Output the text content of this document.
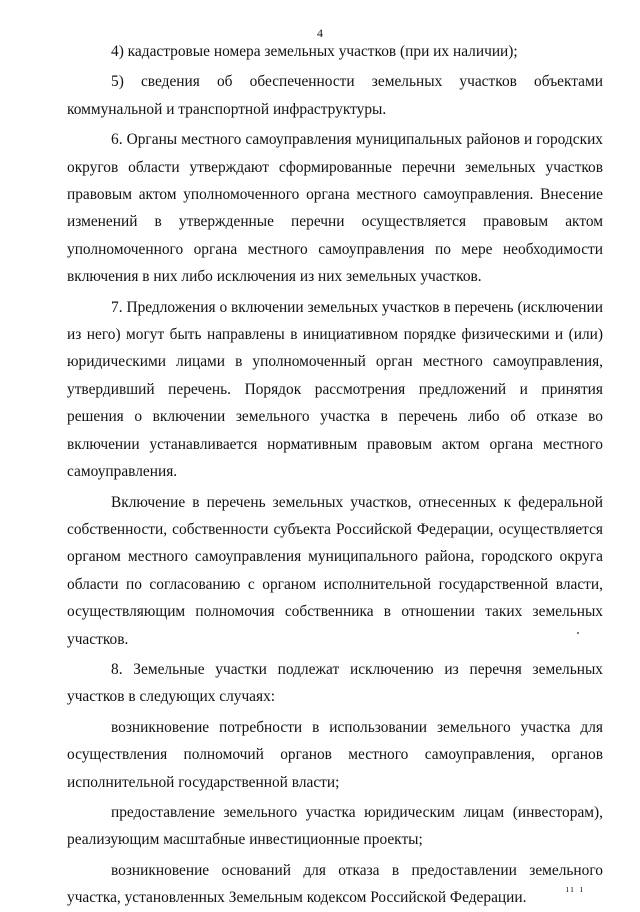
4

4) кадастровые номера земельных участков (при их наличии);

5) сведения об обеспеченности земельных участков объектами коммунальной и транспортной инфраструктуры.

6. Органы местного самоуправления муниципальных районов и городских округов области утверждают сформированные перечни земельных участков правовым актом уполномоченного органа местного самоуправления. Внесение изменений в утвержденные перечни осуществляется правовым актом уполномоченного органа местного самоуправления по мере необходимости включения в них либо исключения из них земельных участков.

7. Предложения о включении земельных участков в перечень (исключении из него) могут быть направлены в инициативном порядке физическими и (или) юридическими лицами в уполномоченный орган местного самоуправления, утвердивший перечень. Порядок рассмотрения предложений и принятия решения о включении земельного участка в перечень либо об отказе во включении устанавливается нормативным правовым актом органа местного самоуправления.

Включение в перечень земельных участков, отнесенных к федеральной собственности, собственности субъекта Российской Федерации, осуществляется органом местного самоуправления муниципального района, городского округа области по согласованию с органом исполнительной государственной власти, осуществляющим полномочия собственника в отношении таких земельных участков.

8. Земельные участки подлежат исключению из перечня земельных участков в следующих случаях:

возникновение потребности в использовании земельного участка для осуществления полномочий органов местного самоуправления, органов исполнительной государственной власти;

предоставление земельного участка юридическим лицам (инвесторам), реализующим масштабные инвестиционные проекты;

возникновение оснований для отказа в предоставлении земельного участка, установленных Земельным кодексом Российской Федерации.	ıı ı
